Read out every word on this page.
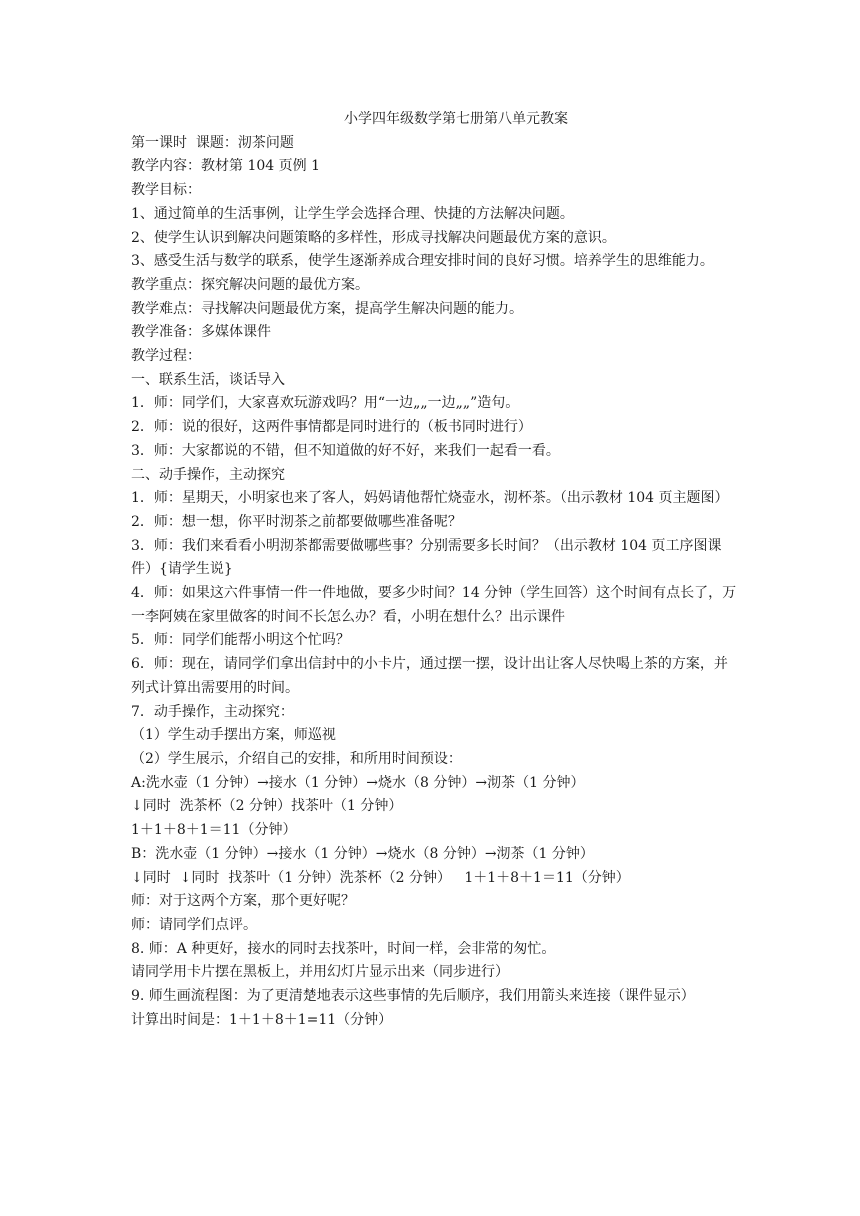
小学四年级数学第七册第八单元教案

第一课时  课题：沏茶问题

教学内容：教材第 104 页例 1

教学目标：

1、通过简单的生活事例，让学生学会选择合理、快捷的方法解决问题。

2、使学生认识到解决问题策略的多样性，形成寻找解决问题最优方案的意识。

3、感受生活与数学的联系，使学生逐渐养成合理安排时间的良好习惯。培养学生的思维能力。

教学重点：探究解决问题的最优方案。

教学难点：寻找解决问题最优方案，提高学生解决问题的能力。

教学准备：多媒体课件

教学过程：

一、联系生活，谈话导入

1．师：同学们，大家喜欢玩游戏吗？用“一边„„一边„„”造句。

2．师：说的很好，这两件事情都是同时进行的（板书同时进行）

3．师：大家都说的不错，但不知道做的好不好，来我们一起看一看。

二、动手操作，主动探究

1．师：星期天，小明家也来了客人，妈妈请他帮忙烧壶水，沏杯茶。（出示教材 104 页主题图）

2．师：想一想，你平时沏茶之前都要做哪些准备呢？

3．师：我们来看看小明沏茶都需要做哪些事？分别需要多长时间？（出示教材 104 页工序图课件）{请学生说}

4．师：如果这六件事情一件一件地做，要多少时间？14 分钟（学生回答）这个时间有点长了，万一李阿姨在家里做客的时间不长怎么办？看，小明在想什么？出示课件

5．师：同学们能帮小明这个忙吗？

6．师：现在，请同学们拿出信封中的小卡片，通过摆一摆，设计出让客人尽快喝上茶的方案，并列式计算出需要用的时间。

7．动手操作，主动探究：

（1）学生动手摆出方案，师巡视

（2）学生展示，介绍自己的安排，和所用时间预设：

A:洗水壶（1 分钟）→接水（1 分钟）→烧水（8 分钟）→沏茶（1 分钟）

↓同时  洗茶杯（2 分钟）找茶叶（1 分钟）

1＋1＋8＋1＝11（分钟）

B：洗水壶（1 分钟）→接水（1 分钟）→烧水（8 分钟）→沏茶（1 分钟）

↓同时  ↓同时  找茶叶（1 分钟）洗茶杯（2 分钟）   1＋1＋8＋1＝11（分钟）

师：对于这两个方案，那个更好呢？

师：请同学们点评。

8. 师：A 种更好，接水的同时去找茶叶，时间一样，会非常的匆忙。

请同学用卡片摆在黑板上，并用幻灯片显示出来（同步进行）

9. 师生画流程图：为了更清楚地表示这些事情的先后顺序，我们用箭头来连接（课件显示）

计算出时间是：1＋1＋8＋1=11（分钟）
